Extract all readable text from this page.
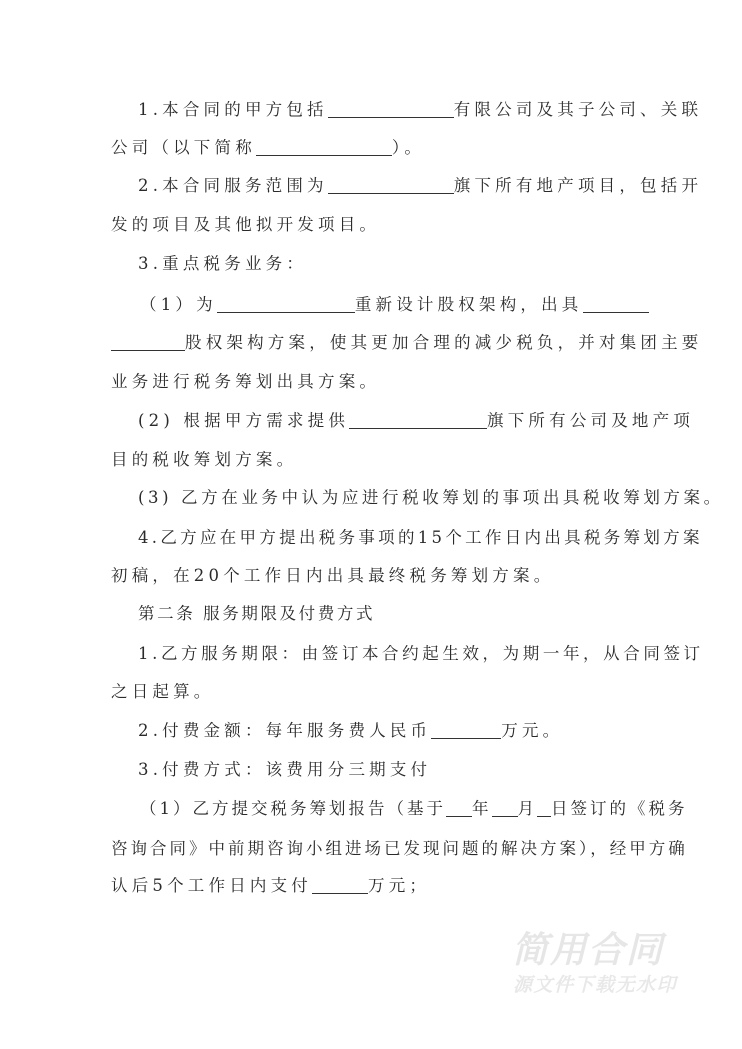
1.本合同的甲方包括	有限公司及其子公司、关联
公司（以下简称	）。
2.本合同服务范围为	旗下所有地产项目，包括开
发的项目及其他拟开发项目。
3.重点税务业务：
（1）为	重新设计股权架构，出具
股权架构方案，使其更加合理的减少税负，并对集团主要
业务进行税务筹划出具方案。
(2) 根据甲方需求提供	旗下所有公司及地产项
目的税收筹划方案。
(3) 乙方在业务中认为应进行税收筹划的事项出具税收筹划方案。
4.乙方应在甲方提出税务事项的15个工作日内出具税务筹划方案
初稿，在20个工作日内出具最终税务筹划方案。
第二条 服务期限及付费方式
1.乙方服务期限：由签订本合约起生效，为期一年，从合同签订
之日起算。
2.付费金额：每年服务费人民币	万元。
3.付费方式：该费用分三期支付
（1）乙方提交税务筹划报告（基于 年 月 日签订的《税务
咨询合同》中前期咨询小组进场已发现问题的解决方案），经甲方确
认后5个工作日内支付	万元；
简用合同
源文件下载无水印
